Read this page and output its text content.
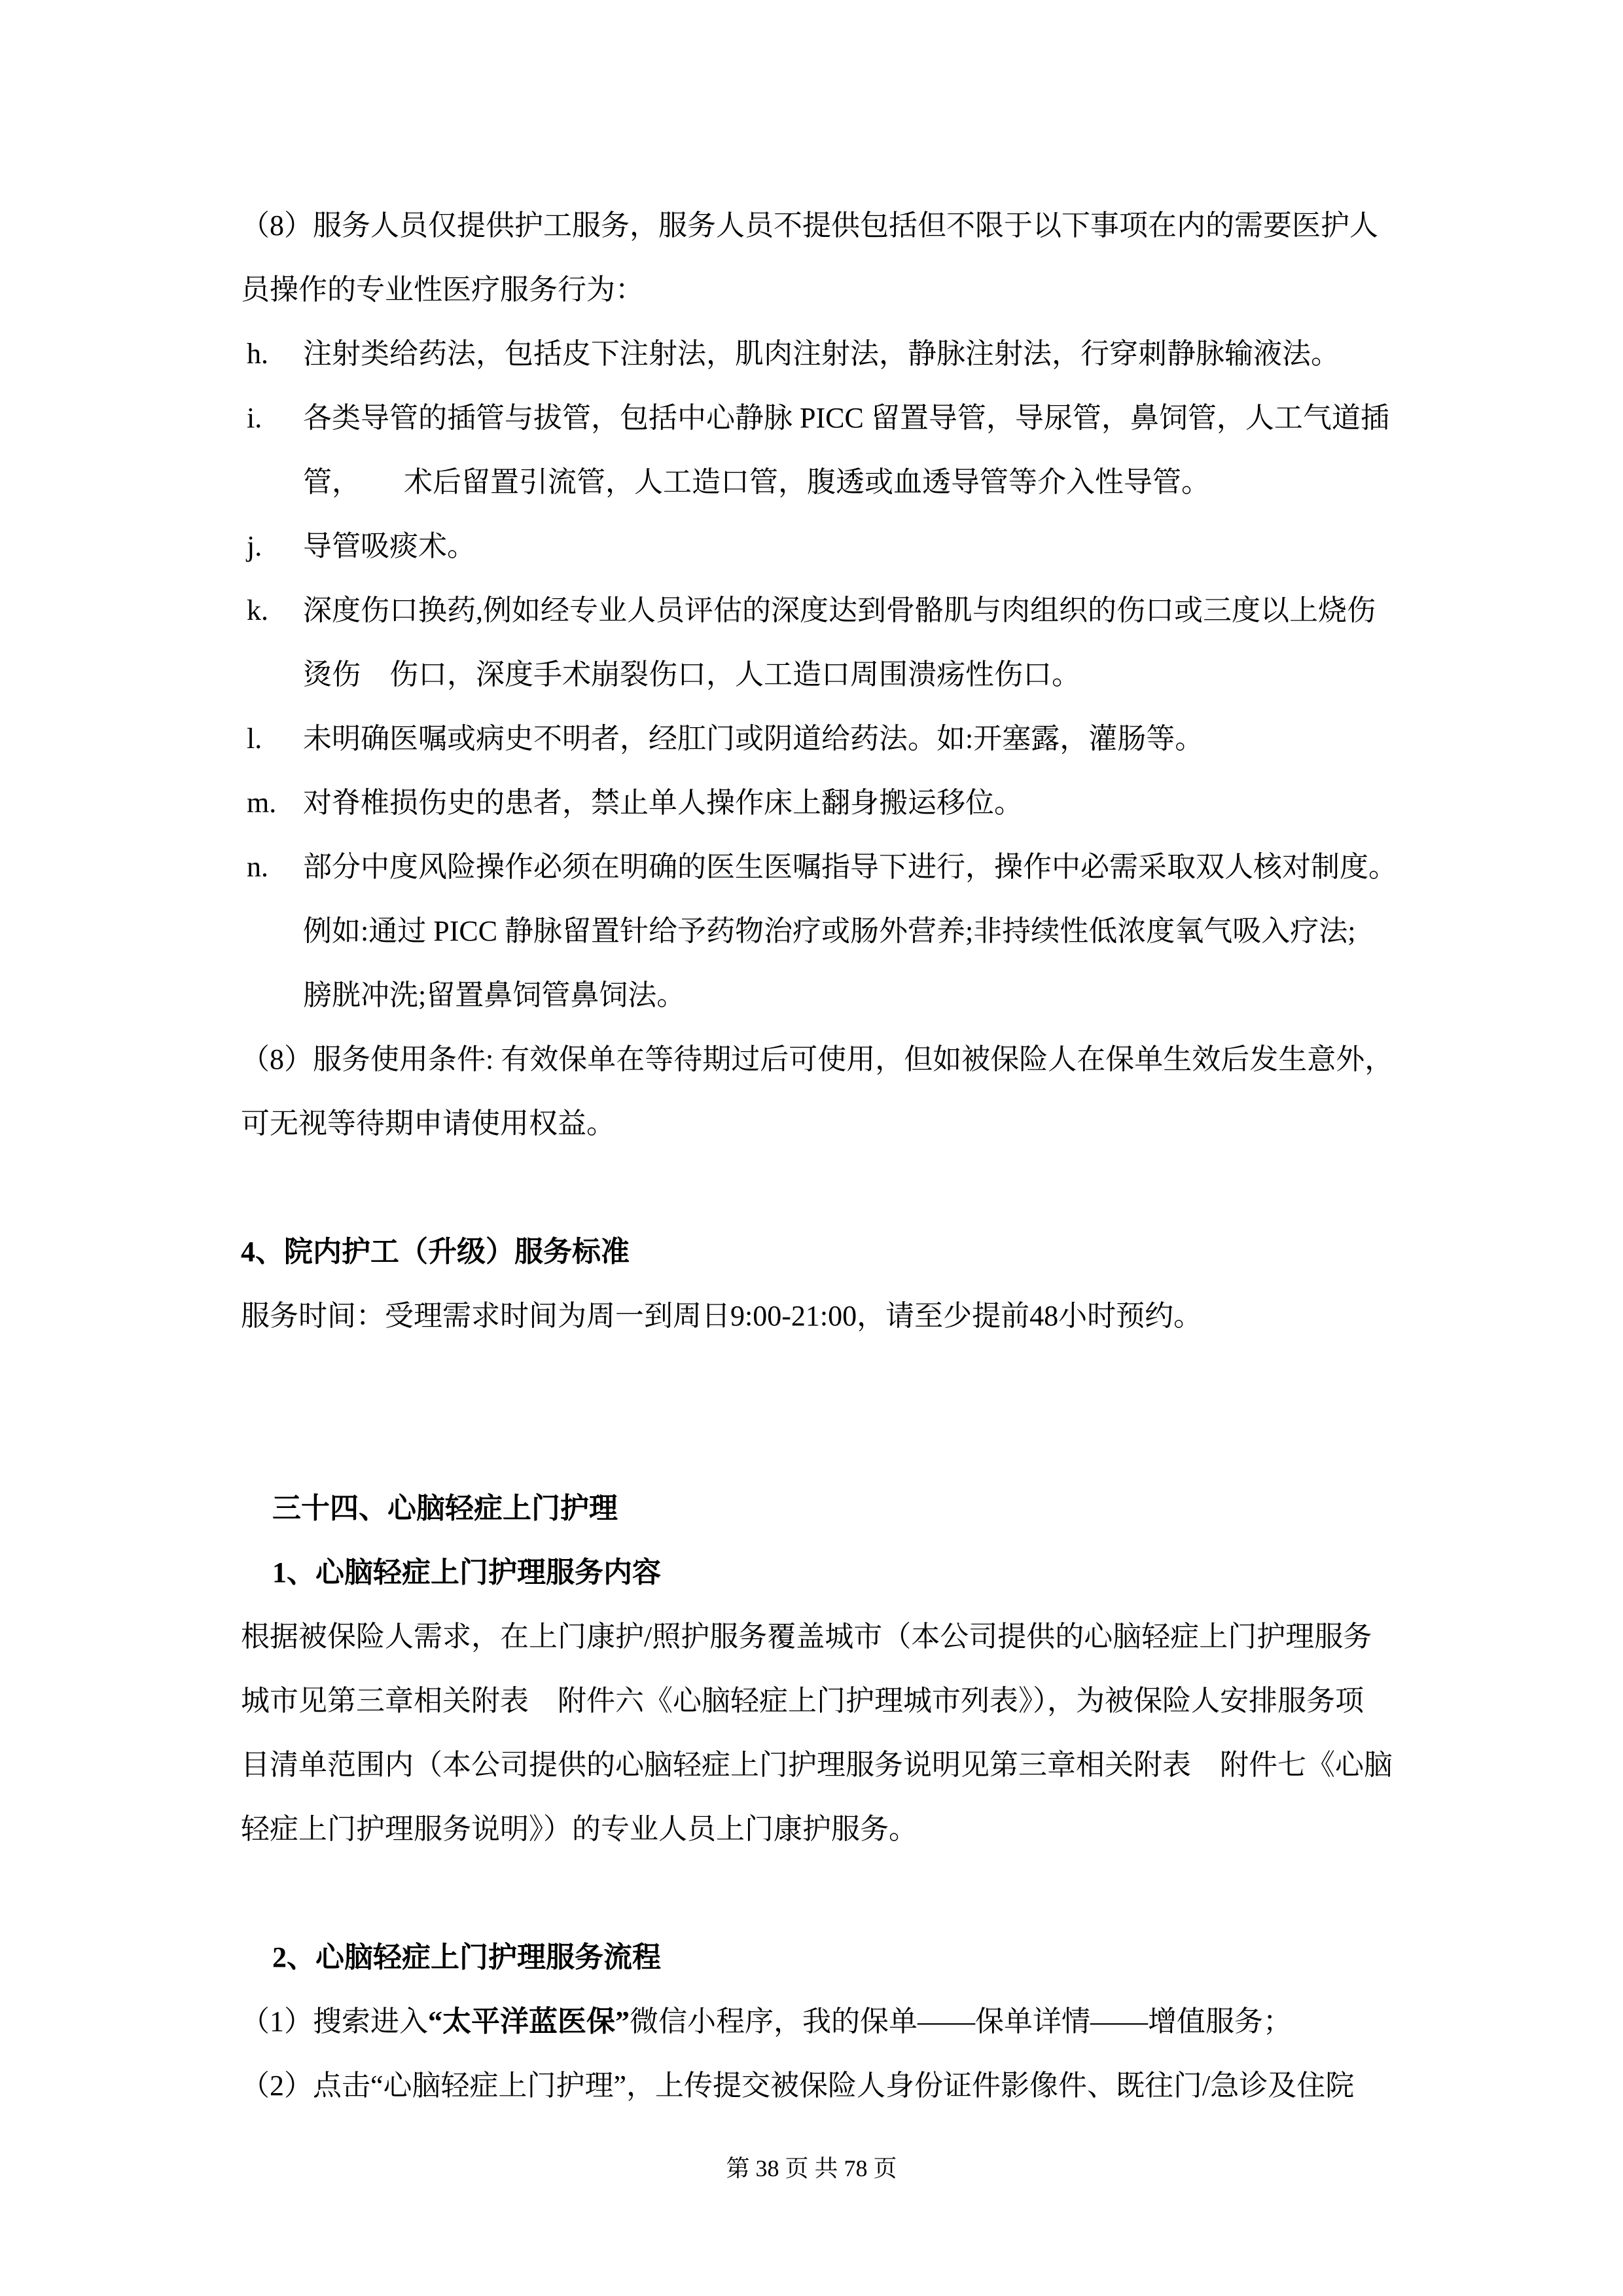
（8）服务人员仅提供护工服务，服务人员不提供包括但不限于以下事项在内的需要医护人
员操作的专业性医疗服务行为：
h. 注射类给药法，包括皮下注射法，肌肉注射法，静脉注射法，行穿刺静脉输液法。
i. 各类导管的插管与拔管，包括中心静脉 PICC 留置导管，导尿管，鼻饲管，人工气道插
管，　　术后留置引流管，人工造口管，腹透或血透导管等介入性导管。
j. 导管吸痰术。
k. 深度伤口换药,例如经专业人员评估的深度达到骨骼肌与肉组织的伤口或三度以上烧伤
烫伤　伤口，深度手术崩裂伤口，人工造口周围溃疡性伤口。
l. 未明确医嘱或病史不明者，经肛门或阴道给药法。如:开塞露，灌肠等。
m. 对脊椎损伤史的患者，禁止单人操作床上翻身搬运移位。
n. 部分中度风险操作必须在明确的医生医嘱指导下进行，操作中必需采取双人核对制度。
例如:通过 PICC 静脉留置针给予药物治疗或肠外营养;非持续性低浓度氧气吸入疗法;
膀胱冲洗;留置鼻饲管鼻饲法。
（8）服务使用条件: 有效保单在等待期过后可使用，但如被保险人在保单生效后发生意外，
可无视等待期申请使用权益。
4、院内护工（升级）服务标准
服务时间：受理需求时间为周一到周日9:00-21:00，请至少提前48小时预约。
三十四、心脑轻症上门护理
1、心脑轻症上门护理服务内容
根据被保险人需求，在上门康护/照护服务覆盖城市（本公司提供的心脑轻症上门护理服务
城市见第三章相关附表　附件六《心脑轻症上门护理城市列表》），为被保险人安排服务项
目清单范围内（本公司提供的心脑轻症上门护理服务说明见第三章相关附表　附件七《心脑
轻症上门护理服务说明》）的专业人员上门康护服务。
2、心脑轻症上门护理服务流程
（1）搜索进入“太平洋蓝医保”微信小程序，我的保单——保单详情——增值服务；
（2）点击“心脑轻症上门护理”，上传提交被保险人身份证件影像件、既往门/急诊及住院
第 38 页 共 78 页
